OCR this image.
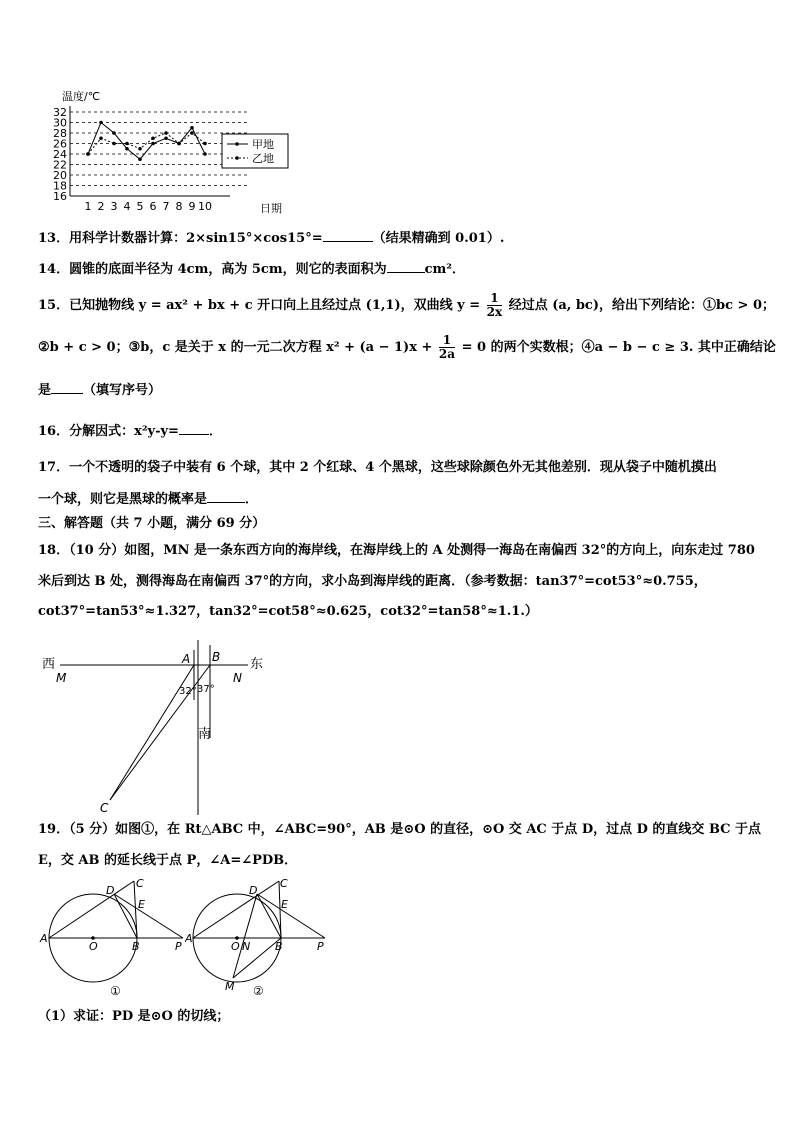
温度/℃
16
18
20
22
24
26
28
30
32
1 2 3 4 5 6 7 8 9 10
甲地
乙地
日期
13．用科学计数器计算：2×sin15°×cos15°=	（结果精确到 0.01）.
14．圆锥的底面半径为 4cm，高为 5cm，则它的表面积为	cm²．
15．已知抛物线 y = ax² + bx + c 开口向上且经过点 (1,1)，双曲线 $y = \frac{1}{2x}$ 经过点 (a, bc)，给出下列结论：①bc > 0；
②b + c > 0；③b，c 是关于 x 的一元二次方程 $x^2 + (a - 1)x + \frac{1}{2a} = 0$ 的两个实数根；④a − b − c ≥ 3. 其中正确结论
是 （填写序号）
16．分解因式：x²y-y= ．
17．一个不透明的袋子中装有 6 个球，其中 2 个红球、4 个黑球，这些球除颜色外无其他差别．现从袋子中随机摸出
一个球，则它是黑球的概率是	．
三、解答题（共 7 小题，满分 69 分）
18．（10 分）如图，MN 是一条东西方向的海岸线，在海岸线上的 A 处测得一海岛在南偏西 32°的方向上，向东走过 780
米后到达 B 处，测得海岛在南偏西 37°的方向，求小岛到海岸线的距离．（参考数据：tan37°=cot53°≈0.755，
cot37°=tan53°≈1.327，tan32°=cot58°≈0.625，cot32°=tan58°≈1.1.）
西
M
东
N
A B
32° 37°
南
C
19．（5 分）如图①，在 Rt△ABC 中，∠ABC=90°，AB 是⊙O 的直径，⊙O 交 AC 于点 D，过点 D 的直线交 BC 于点
E，交 AB 的延长线于点 P，∠A=∠PDB．
D
C
E
A
O	B	P
①
D
C
E
A
O N B	P
M ②
（1）求证：PD 是⊙O 的切线；
